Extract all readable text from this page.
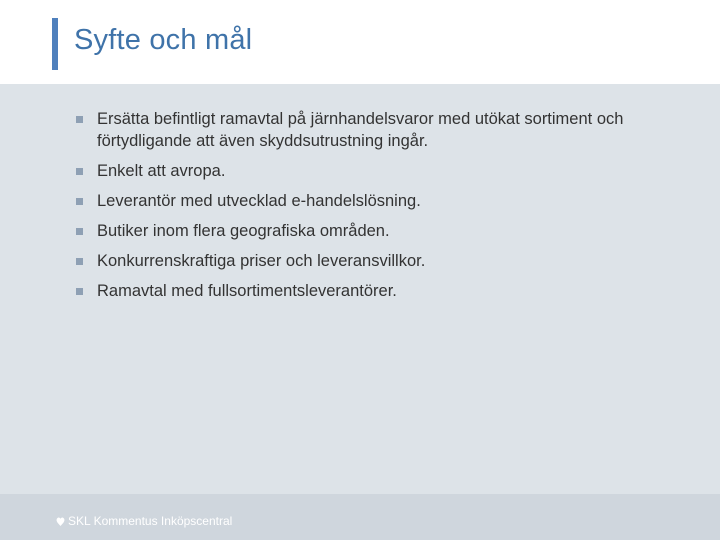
Syfte och mål
Ersätta befintligt ramavtal på järnhandelsvaror med utökat sortiment och förtydligande att även skyddsutrustning ingår.
Enkelt att avropa.
Leverantör med utvecklad e-handelslösning.
Butiker inom flera geografiska områden.
Konkurrenskraftiga priser och leveransvillkor.
Ramavtal med fullsortimentsleverantörer.
SKL Kommentus Inköpscentral
